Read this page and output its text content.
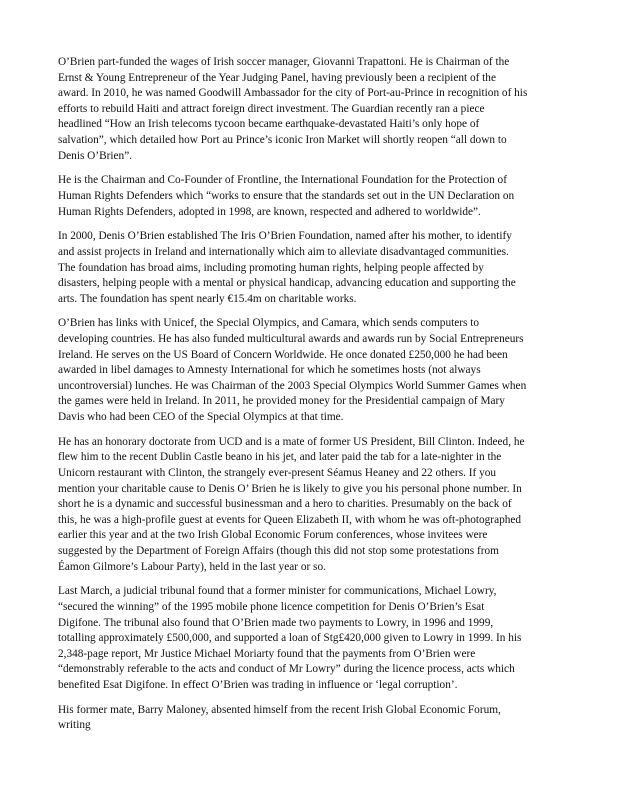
O’Brien part-funded the wages of Irish soccer manager, Giovanni Trapattoni. He is Chairman of the
Ernst & Young Entrepreneur of the Year Judging Panel, having previously been a recipient of the
award. In 2010, he was named Goodwill Ambassador for the city of Port-au-Prince in recognition of his
efforts to rebuild Haiti and attract foreign direct investment. The Guardian recently ran a piece
headlined “How an Irish telecoms tycoon became earthquake-devastated Haiti’s only hope of
salvation”, which detailed how Port au Prince’s iconic Iron Market will shortly reopen “all down to
Denis O’Brien”.

He is the Chairman and Co-Founder of Frontline, the International Foundation for the Protection of
Human Rights Defenders which “works to ensure that the standards set out in the UN Declaration on
Human Rights Defenders, adopted in 1998, are known, respected and adhered to worldwide”.

In 2000, Denis O’Brien established The Iris O’Brien Foundation, named after his mother, to identify
and assist projects in Ireland and internationally which aim to alleviate disadvantaged communities.
The foundation has broad aims, including promoting human rights, helping people affected by
disasters, helping people with a mental or physical handicap, advancing education and supporting the
arts. The foundation has spent nearly €15.4m on charitable works.

O’Brien has links with Unicef, the Special Olympics, and Camara, which sends computers to
developing countries. He has also funded multicultural awards and awards run by Social Entrepreneurs
Ireland. He serves on the US Board of Concern Worldwide. He once donated £250,000 he had been
awarded in libel damages to Amnesty International for which he sometimes hosts (not always
uncontroversial) lunches. He was Chairman of the 2003 Special Olympics World Summer Games when
the games were held in Ireland. In 2011, he provided money for the Presidential campaign of Mary
Davis who had been CEO of the Special Olympics at that time.

He has an honorary doctorate from UCD and is a mate of former US President, Bill Clinton. Indeed, he
flew him to the recent Dublin Castle beano in his jet, and later paid the tab for a late-nighter in the
Unicorn restaurant with Clinton, the strangely ever-present Séamus Heaney and 22 others. If you
mention your charitable cause to Denis O’ Brien he is likely to give you his personal phone number. In
short he is a dynamic and successful businessman and a hero to charities. Presumably on the back of
this, he was a high-profile guest at events for Queen Elizabeth II, with whom he was oft-photographed
earlier this year and at the two Irish Global Economic Forum conferences, whose invitees were
suggested by the Department of Foreign Affairs (though this did not stop some protestations from
Éamon Gilmore’s Labour Party), held in the last year or so.

Last March, a judicial tribunal found that a former minister for communications, Michael Lowry,
“secured the winning” of the 1995 mobile phone licence competition for Denis O’Brien’s Esat
Digifone. The tribunal also found that O’Brien made two payments to Lowry, in 1996 and 1999,
totalling approximately £500,000, and supported a loan of Stg£420,000 given to Lowry in 1999. In his
2,348-page report, Mr Justice Michael Moriarty found that the payments from O’Brien were
“demonstrably referable to the acts and conduct of Mr Lowry” during the licence process, acts which
benefited Esat Digifone. In effect O’Brien was trading in influence or ‘legal corruption’.

His former mate, Barry Maloney, absented himself from the recent Irish Global Economic Forum,
writing
